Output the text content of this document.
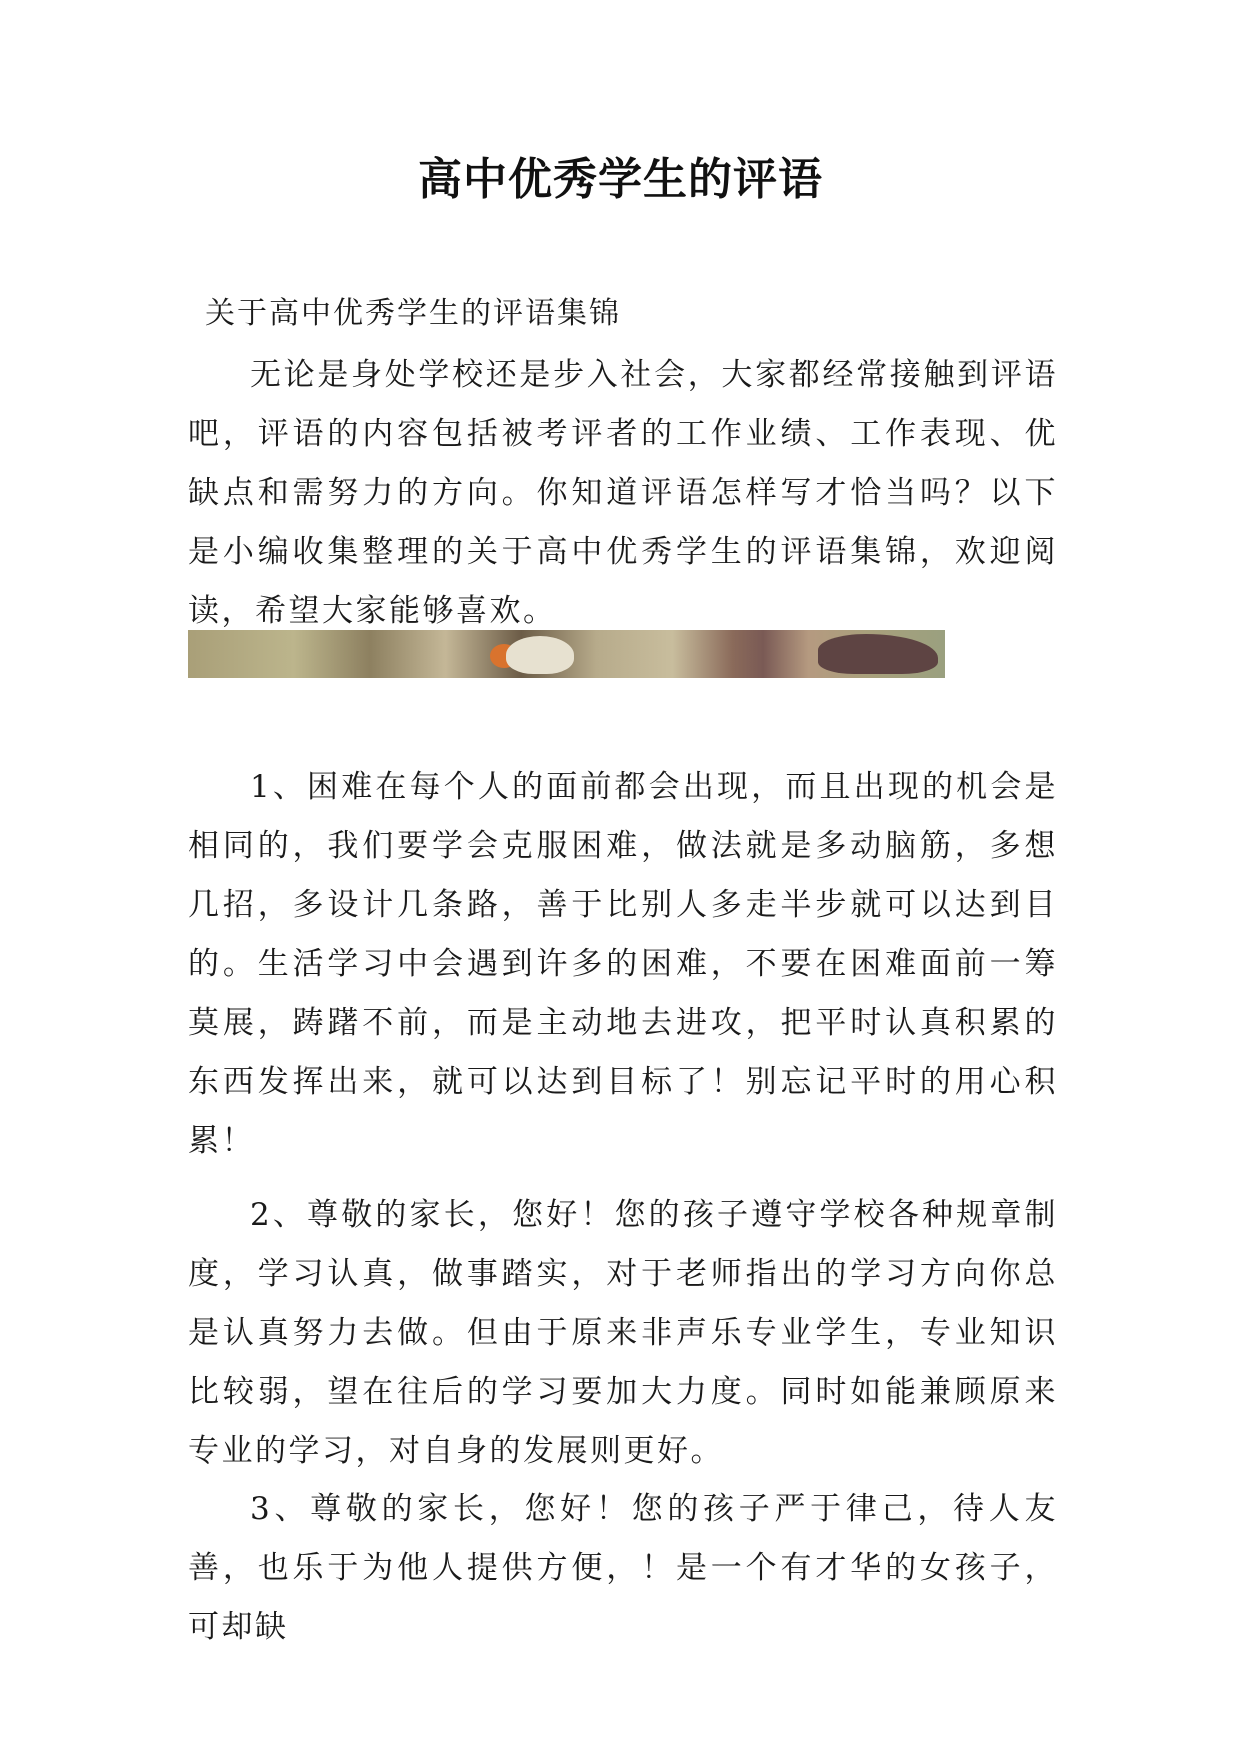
高中优秀学生的评语
关于高中优秀学生的评语集锦

无论是身处学校还是步入社会，大家都经常接触到评语吧，评语的内容包括被考评者的工作业绩、工作表现、优缺点和需努力的方向。你知道评语怎样写才恰当吗？以下是小编收集整理的关于高中优秀学生的评语集锦，欢迎阅读，希望大家能够喜欢。

1、困难在每个人的面前都会出现，而且出现的机会是相同的，我们要学会克服困难，做法就是多动脑筋，多想几招，多设计几条路，善于比别人多走半步就可以达到目的。生活学习中会遇到许多的困难，不要在困难面前一筹莫展，踌躇不前，而是主动地去进攻，把平时认真积累的东西发挥出来，就可以达到目标了！别忘记平时的用心积累！

2、尊敬的家长，您好！您的孩子遵守学校各种规章制度，学习认真，做事踏实，对于老师指出的学习方向你总是认真努力去做。但由于原来非声乐专业学生，专业知识比较弱，望在往后的学习要加大力度。同时如能兼顾原来专业的学习，对自身的发展则更好。

3、尊敬的家长，您好！您的孩子严于律己，待人友善，也乐于为他人提供方便，！是一个有才华的女孩子，可却缺
